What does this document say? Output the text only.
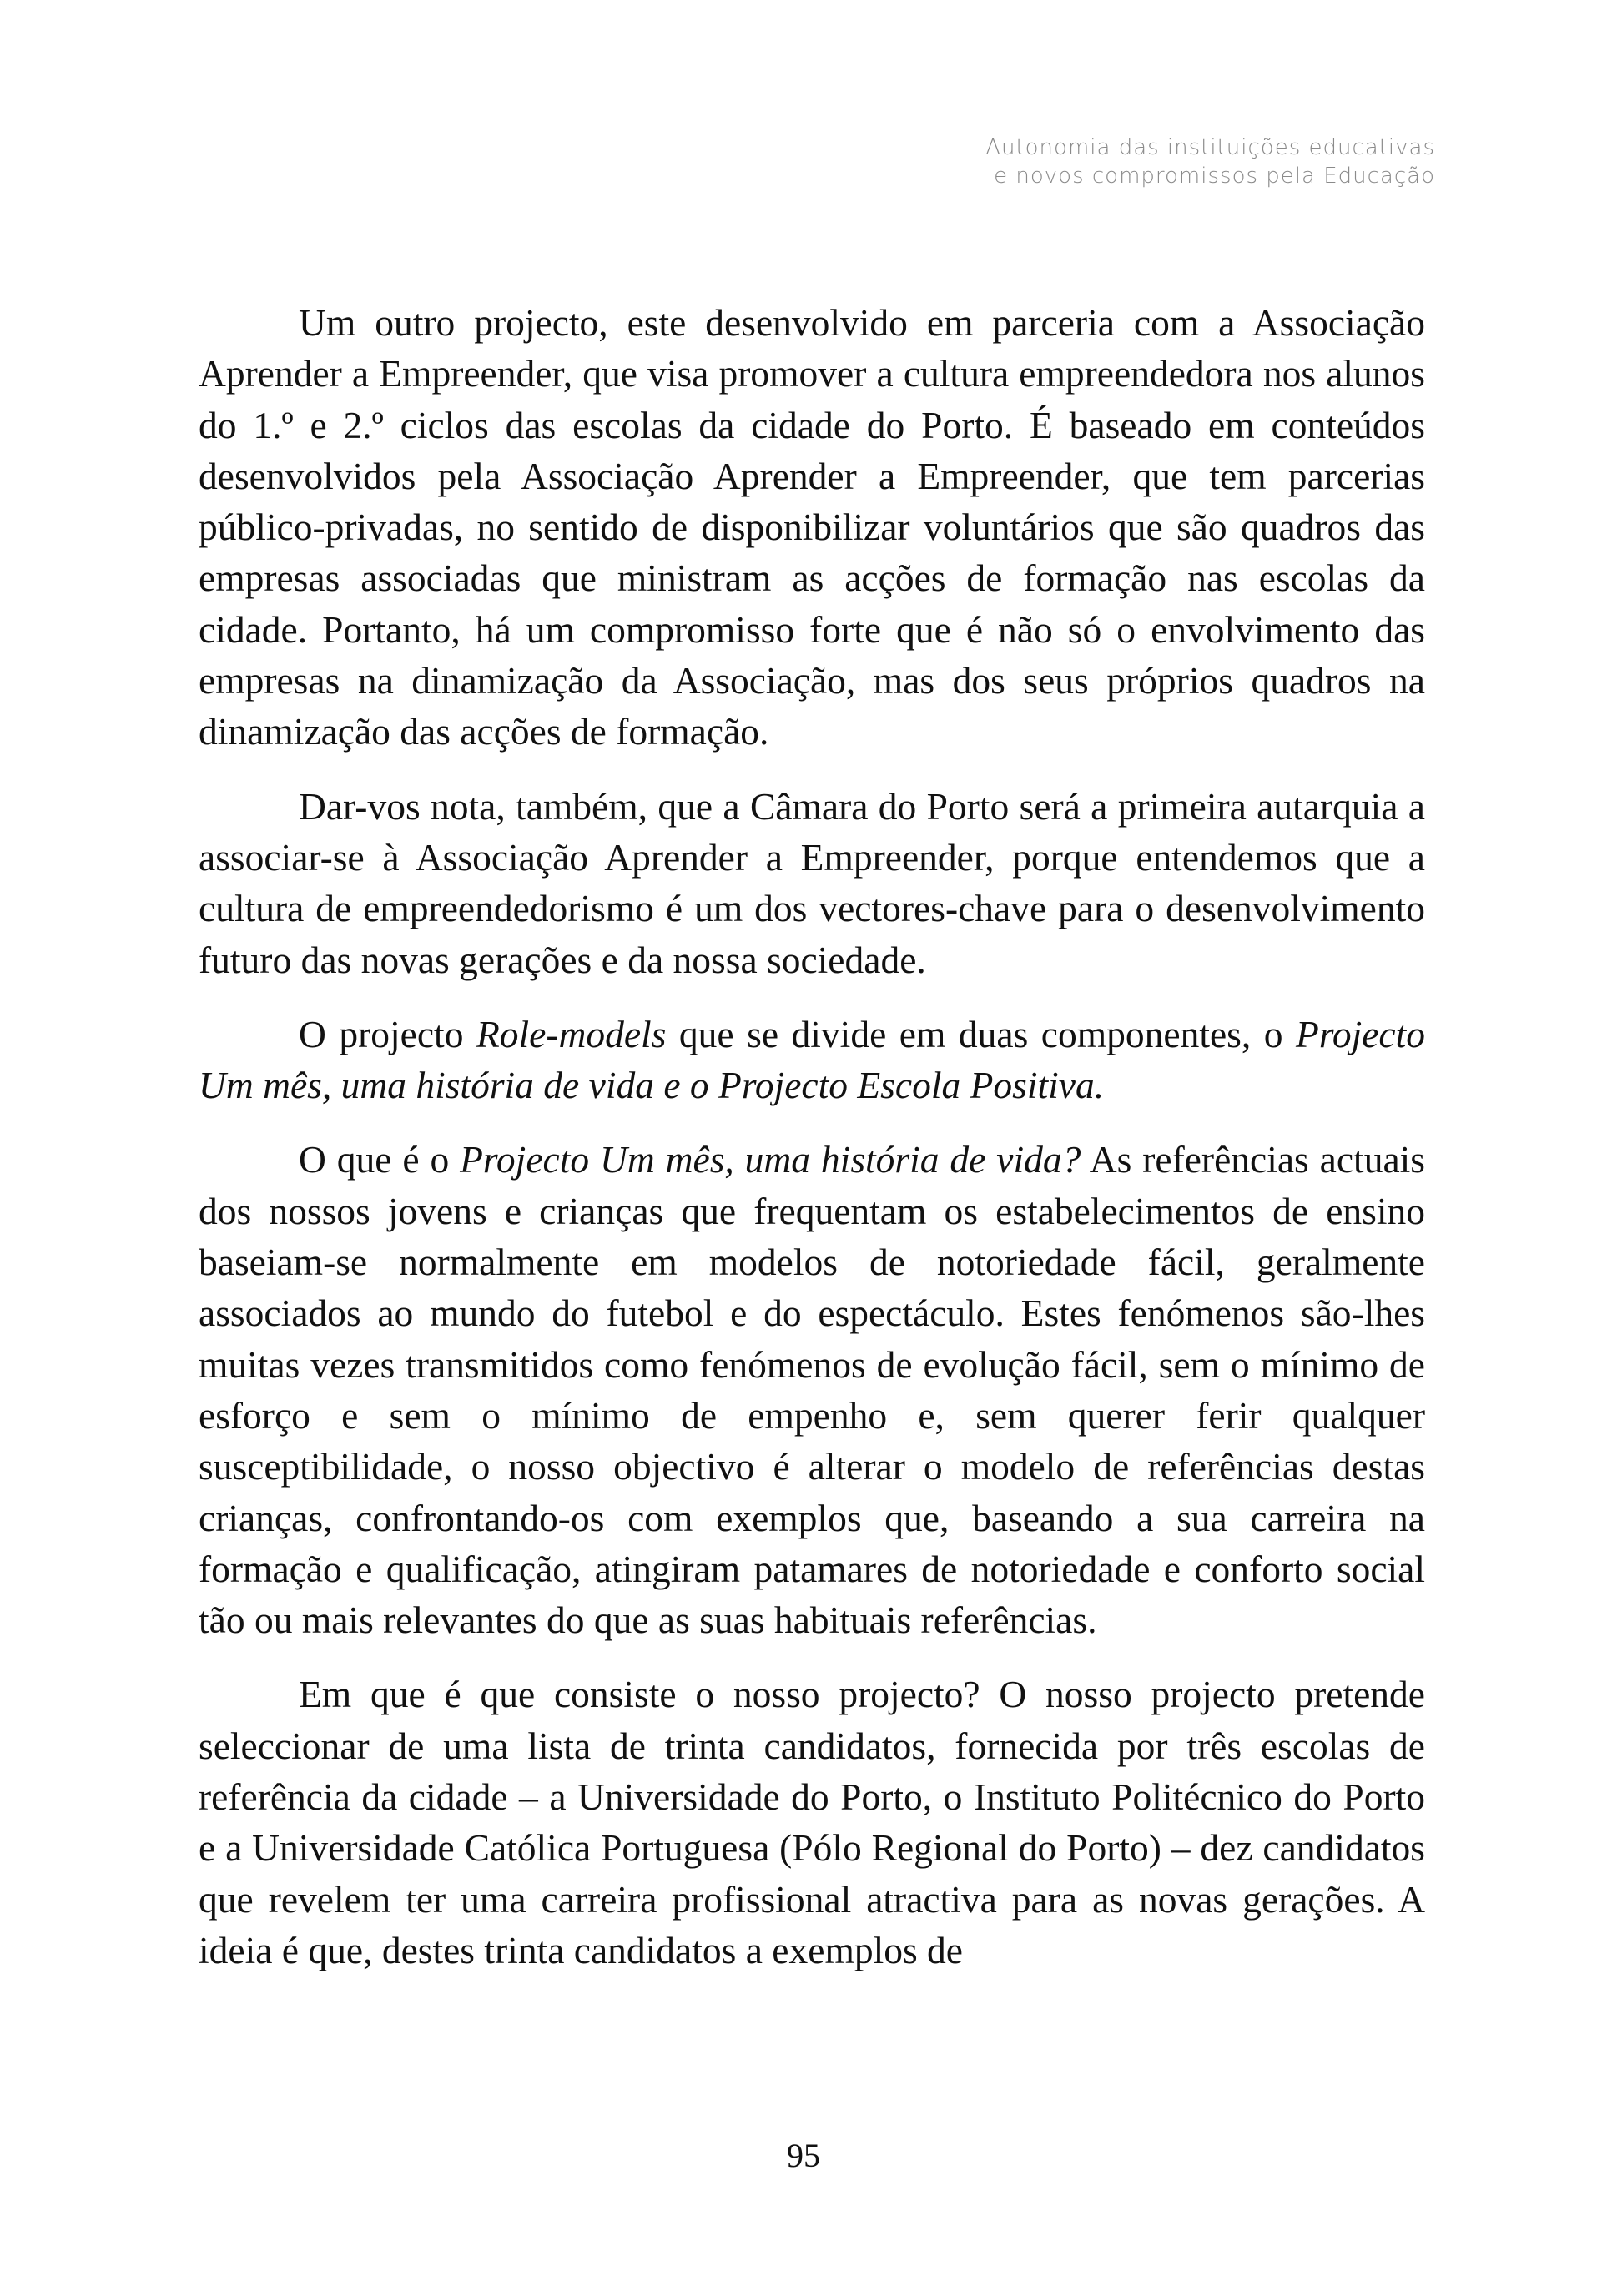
Autonomia das instituições educativas
e novos compromissos pela Educação

Um outro projecto, este desenvolvido em parceria com a Associação Aprender a Empreender, que visa promover a cultura empreendedora nos alunos do 1.º e 2.º ciclos das escolas da cidade do Porto. É baseado em conteúdos desenvolvidos pela Associação Aprender a Empreender, que tem parcerias público-privadas, no sentido de disponibilizar voluntários que são quadros das empresas associadas que ministram as acções de formação nas escolas da cidade. Portanto, há um compromisso forte que é não só o envolvimento das empresas na dinamização da Associação, mas dos seus próprios quadros na dinamização das acções de formação.

Dar-vos nota, também, que a Câmara do Porto será a primeira autarquia a associar-se à Associação Aprender a Empreender, porque entendemos que a cultura de empreendedorismo é um dos vectores-chave para o desenvolvimento futuro das novas gerações e da nossa sociedade.

O projecto Role-models que se divide em duas componentes, o Projecto Um mês, uma história de vida e o Projecto Escola Positiva.

O que é o Projecto Um mês, uma história de vida? As referências actuais dos nossos jovens e crianças que frequentam os estabelecimentos de ensino baseiam-se normalmente em modelos de notoriedade fácil, geralmente associados ao mundo do futebol e do espectáculo. Estes fenómenos são-lhes muitas vezes transmitidos como fenómenos de evolução fácil, sem o mínimo de esforço e sem o mínimo de empenho e, sem querer ferir qualquer susceptibilidade, o nosso objectivo é alterar o modelo de referências destas crianças, confrontando-os com exemplos que, baseando a sua carreira na formação e qualificação, atingiram patamares de notoriedade e conforto social tão ou mais relevantes do que as suas habituais referências.

Em que é que consiste o nosso projecto? O nosso projecto pretende seleccionar de uma lista de trinta candidatos, fornecida por três escolas de referência da cidade – a Universidade do Porto, o Instituto Politécnico do Porto e a Universidade Católica Portuguesa (Pólo Regional do Porto) – dez candidatos que revelem ter uma carreira profissional atractiva para as novas gerações. A ideia é que, destes trinta candidatos a exemplos de

95
